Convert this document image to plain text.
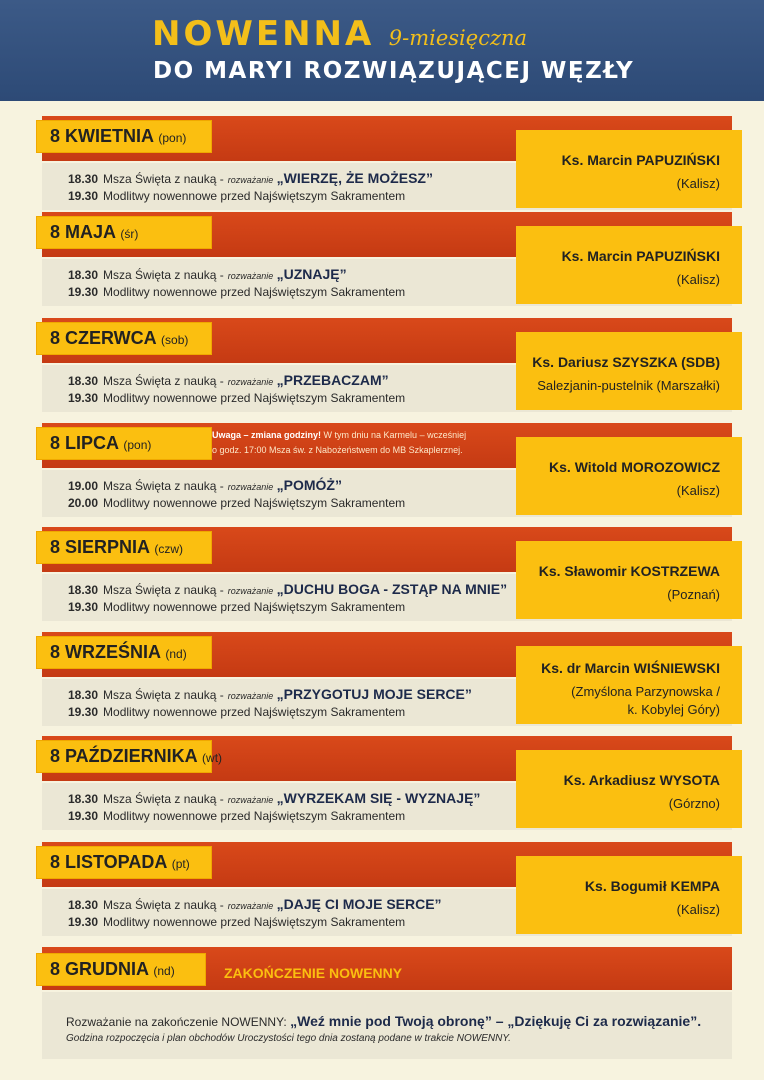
NOWENNA 9-miesięczna
DO MARYI ROZWIĄZUJĄCEJ WĘZŁY
8 KWIETNIA (pon)
18.30 Msza Święta z nauką - rozważanie „WIERZĘ, ŻE MOŻESZ”
19.30 Modlitwy nowennowe przed Najświętszym Sakramentem
Ks. Marcin PAPUZIŃSKI
(Kalisz)
8 MAJA (śr)
18.30 Msza Święta z nauką - rozważanie „UZNAJĘ”
19.30 Modlitwy nowennowe przed Najświętszym Sakramentem
Ks. Marcin PAPUZIŃSKI
(Kalisz)
8 CZERWCA (sob)
18.30 Msza Święta z nauką - rozważanie „PRZEBACZAM”
19.30 Modlitwy nowennowe przed Najświętszym Sakramentem
Ks. Dariusz SZYSZKA (SDB)
Salezjanin-pustelnik (Marszałki)
8 LIPCA (pon)
19.00 Msza Święta z nauką - rozważanie „POMÓŻ”
20.00 Modlitwy nowennowe przed Najświętszym Sakramentem
Ks. Witold MOROZOWICZ
(Kalisz)
Uwaga – zmiana godziny! W tym dniu na Karmelu – wcześniej
o godz. 17:00 Msza św. z Nabożeństwem do MB Szkaplerznej.
8 SIERPNIA (czw)
18.30 Msza Święta z nauką - rozważanie „DUCHU BOGA - ZSTĄP NA MNIE”
19.30 Modlitwy nowennowe przed Najświętszym Sakramentem
Ks. Sławomir KOSTRZEWA
(Poznań)
8 WRZEŚNIA (nd)
18.30 Msza Święta z nauką - rozważanie „PRZYGOTUJ MOJE SERCE”
19.30 Modlitwy nowennowe przed Najświętszym Sakramentem
Ks. dr Marcin WIŚNIEWSKI
(Zmyślona Parzynowska /
k. Kobylej Góry)
8 PAŹDZIERNIKA (wt)
18.30 Msza Święta z nauką - rozważanie „WYRZEKAM SIĘ - WYZNAJĘ”
19.30 Modlitwy nowennowe przed Najświętszym Sakramentem
Ks. Arkadiusz WYSOTA
(Górzno)
8 LISTOPADA (pt)
18.30 Msza Święta z nauką - rozważanie „DAJĘ CI MOJE SERCE”
19.30 Modlitwy nowennowe przed Najświętszym Sakramentem
Ks. Bogumił KEMPA
(Kalisz)
8 GRUDNIA (nd)	ZAKOŃCZENIE NOWENNY
Rozważanie na zakończenie NOWENNY: „Weź mnie pod Twoją obronę” – „Dziękuję Ci za rozwiązanie”.
Godzina rozpoczęcia i plan obchodów Uroczystości tego dnia zostaną podane w trakcie NOWENNY.
